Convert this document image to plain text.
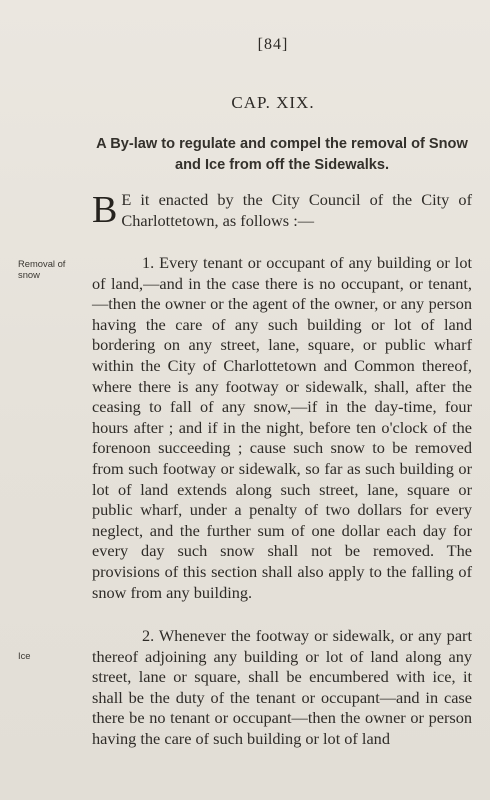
[84]
CAP. XIX.
A By-law to regulate and compel the removal of Snow and Ice from off the Sidewalks.
B E it enacted by the City Council of the City of Charlottetown, as follows :—
Removal of snow
1. Every tenant or occupant of any building or lot of land,—and in the case there is no occupant, or tenant,—then the owner or the agent of the owner, or any person having the care of any such building or lot of land bordering on any street, lane, square, or public wharf within the City of Charlottetown and Common thereof, where there is any footway or sidewalk, shall, after the ceasing to fall of any snow,—if in the day-time, four hours after ; and if in the night, before ten o'clock of the forenoon succeeding ; cause such snow to be removed from such footway or sidewalk, so far as such building or lot of land extends along such street, lane, square or public wharf, under a penalty of two dollars for every neglect, and the further sum of one dollar each day for every day such snow shall not be removed. The provisions of this section shall also apply to the falling of snow from any building.
Ice
2. Whenever the footway or sidewalk, or any part thereof adjoining any building or lot of land along any street, lane or square, shall be encumbered with ice, it shall be the duty of the tenant or occupant—and in case there be no tenant or occupant—then the owner or person having the care of such building or lot of land
